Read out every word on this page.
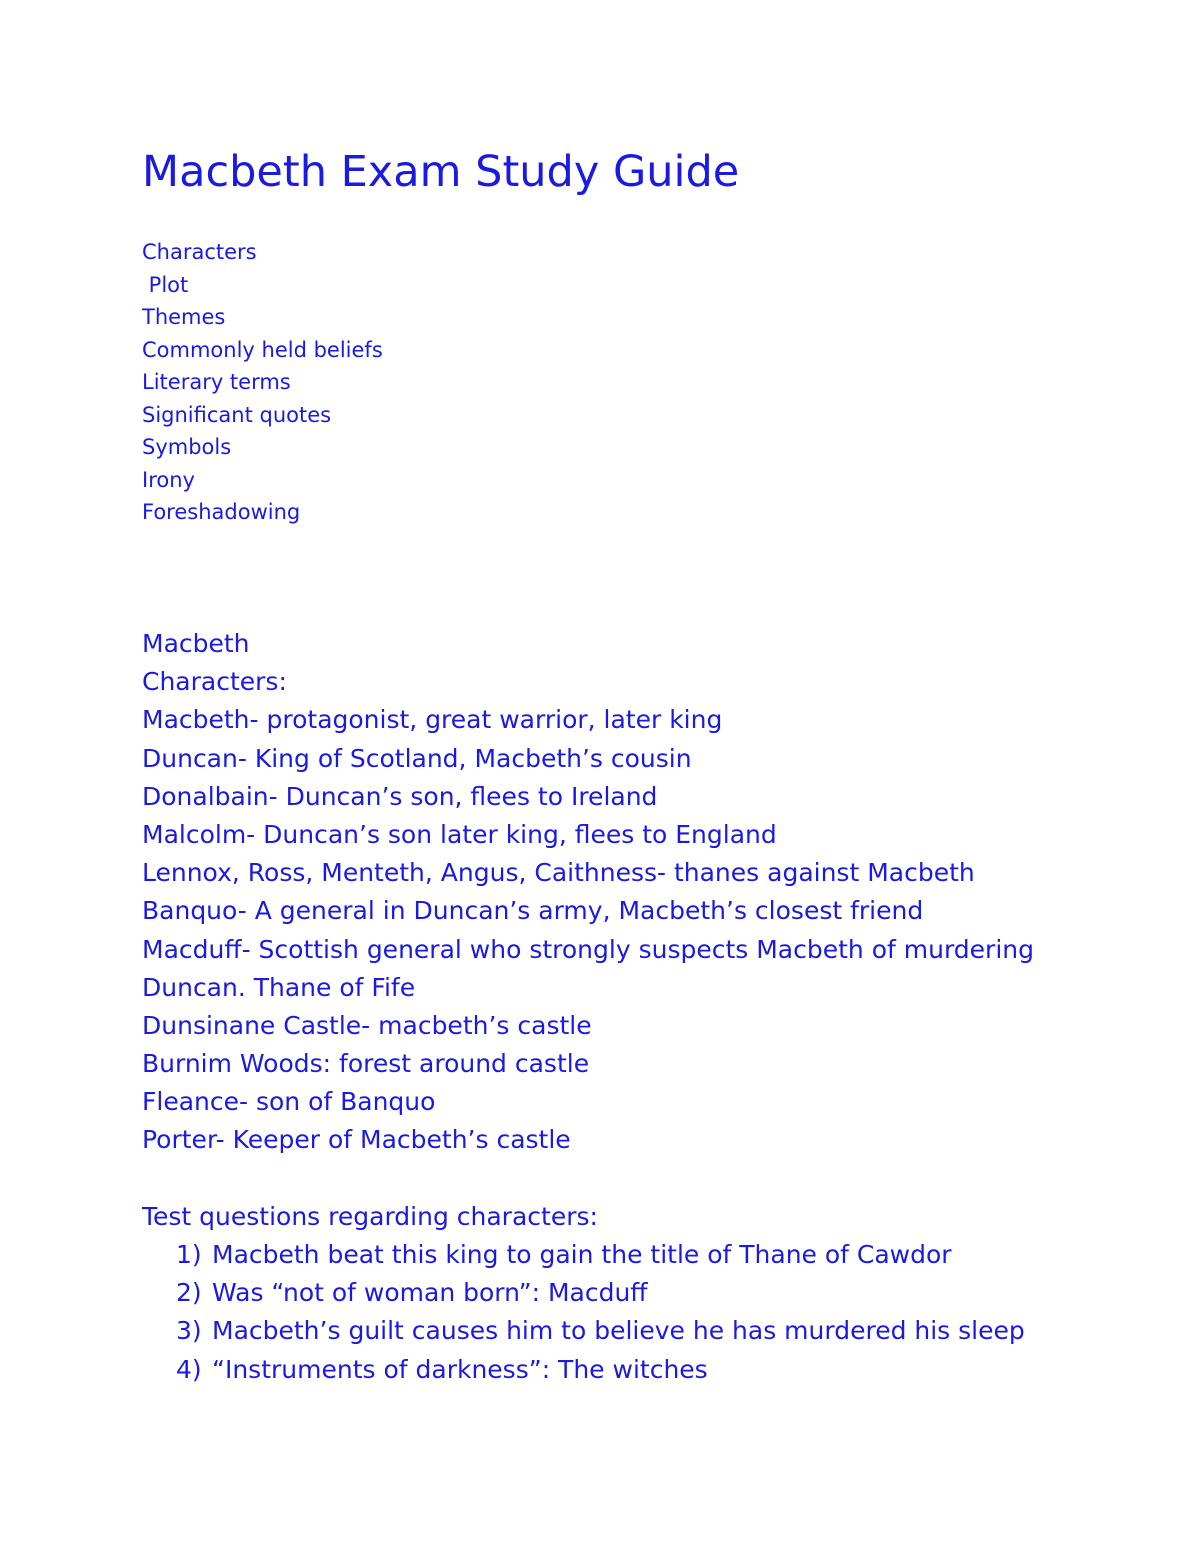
Macbeth Exam Study Guide
Characters
Plot
Themes
Commonly held beliefs
Literary terms
Significant quotes
Symbols
Irony
Foreshadowing
Macbeth
Characters:
Macbeth- protagonist, great warrior, later king
Duncan- King of Scotland, Macbeth’s cousin
Donalbain- Duncan’s son, flees to Ireland
Malcolm- Duncan’s son later king, flees to England
Lennox, Ross, Menteth, Angus, Caithness- thanes against Macbeth
Banquo- A general in Duncan’s army, Macbeth’s closest friend
Macduff- Scottish general who strongly suspects Macbeth of murdering
Duncan. Thane of Fife
Dunsinane Castle- macbeth’s castle
Burnim Woods: forest around castle
Fleance- son of Banquo
Porter- Keeper of Macbeth’s castle
Test questions regarding characters:
1) Macbeth beat this king to gain the title of Thane of Cawdor
2) Was “not of woman born”: Macduff
3) Macbeth’s guilt causes him to believe he has murdered his sleep
4) “Instruments of darkness”: The witches
